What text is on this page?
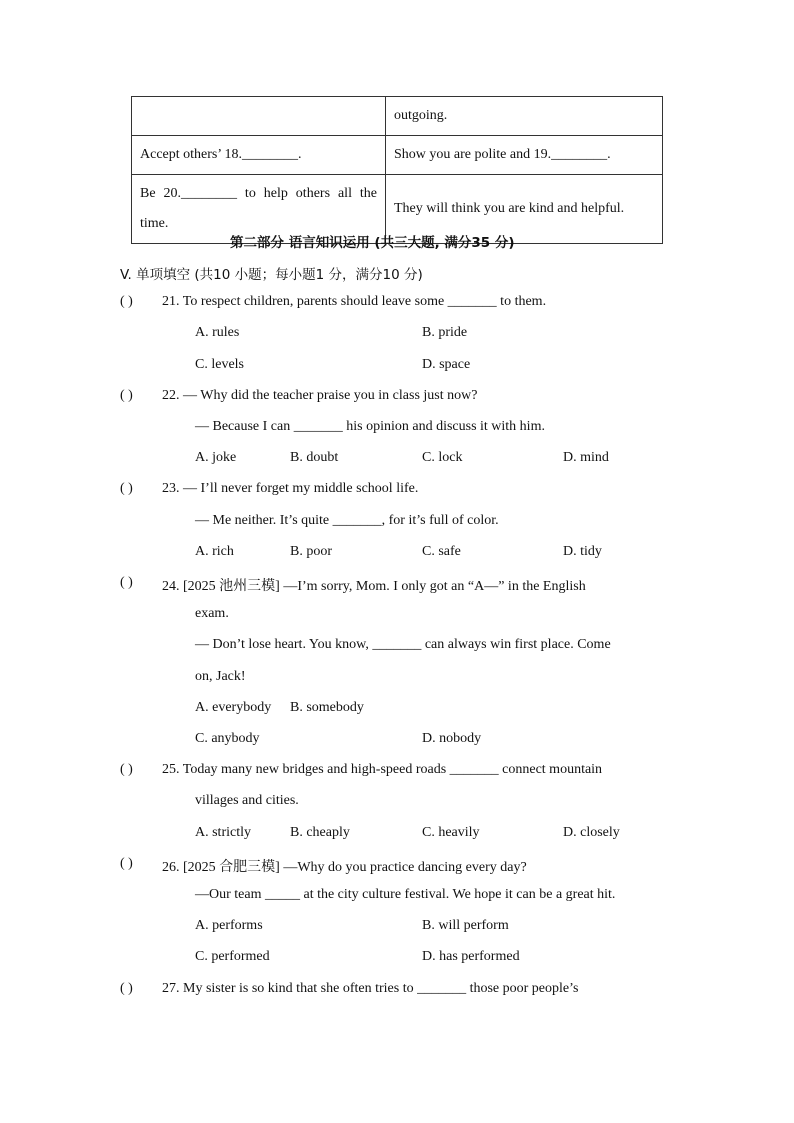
	outgoing.
Accept others’ 18.________.	Show you are polite and 19.________.

Be 20.________ to help others all the
time.	They will think you are kind and helpful.
第二部分 语言知识运用 (共三大题, 满分35 分)
V. 单项填空 (共10 小题；每小题1 分，满分10 分)
( ) 21. To respect children, parents should leave some _______ to them.
A. rules	B. pride
C. levels	D. space
( ) 22. — Why did the teacher praise you in class just now?
— Because I can _______ his opinion and discuss it with him.
A. joke	B. doubt	C. lock	D. mind
( ) 23. — I’ll never forget my middle school life.
— Me neither. It’s quite _______, for it’s full of color.
A. rich	B. poor	C. safe	D. tidy
( ) 24. [2025 池州三模] —I’m sorry, Mom. I only got an “A—” in the English
exam.
— Don’t lose heart. You know, _______ can always win first place. Come
on, Jack!
A. everybody B. somebody
C. anybody	D. nobody
( ) 25. Today many new bridges and high-speed roads _______ connect mountain
villages and cities.
A. strictly	B. cheaply	C. heavily	D. closely
( ) 26. [2025 合肥三模] —Why do you practice dancing every day?
—Our team _____ at the city culture festival. We hope it can be a great hit.
A. performs	B. will perform
C. performed	D. has performed
( ) 27. My sister is so kind that she often tries to _______ those poor people’s
